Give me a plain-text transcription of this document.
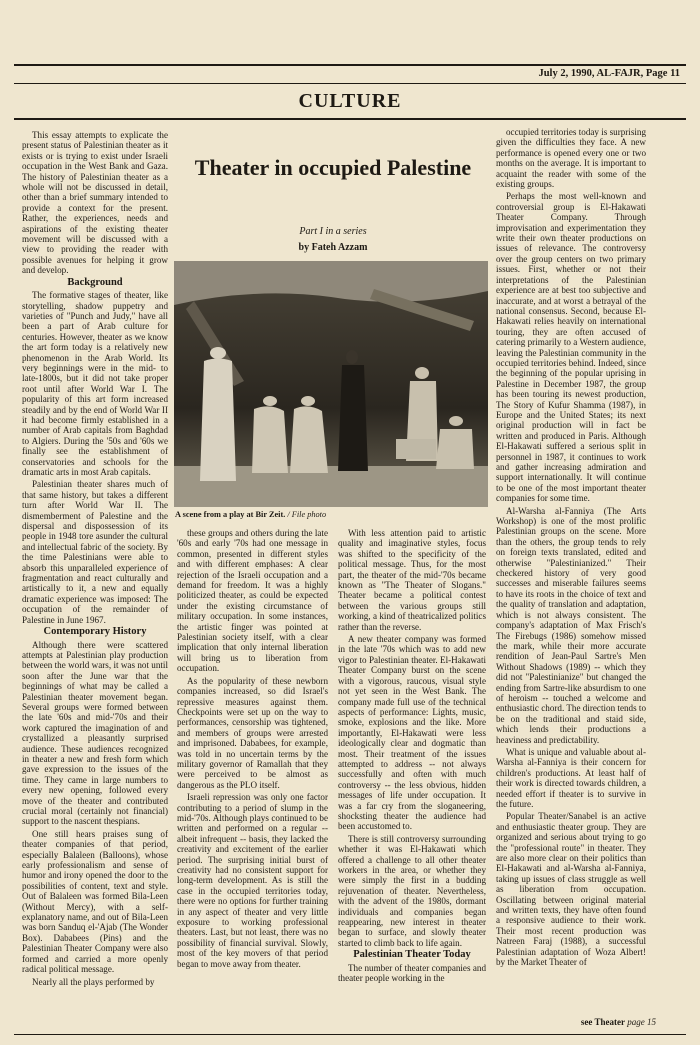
July 2, 1990, AL-FAJR, Page 11
CULTURE

This essay attempts to explicate the present status of Palestinian theater as it exists or is trying to exist under Israeli occupation in the West Bank and Gaza. The history of Palestinian theater as a whole will not be discussed in detail, other than a brief summary intended to provide a context for the present. Rather, the experiences, needs and aspirations of the existing theater movement will be discussed with a view to providing the reader with possible avenues for helping it grow and develop.

Background

The formative stages of theater, like storytelling, shadow puppetry and varieties of "Punch and Judy," have all been a part of Arab culture for centuries. However, theater as we know the art form today is a relatively new phenomenon in the Arab World. Its very beginnings were in the mid- to late-1800s, but it did not take proper root until after World War I. The popularity of this art form increased steadily and by the end of World War II it had become firmly established in a number of Arab capitals from Baghdad to Algiers. During the '50s and '60s we finally see the establishment of conservatories and schools for the dramatic arts in most Arab capitals.

Palestinian theater shares much of that same history, but takes a different turn after World War II. The dismemberment of Palestine and the dispersal and dispossession of its people in 1948 tore asunder the cultural and intellectual fabric of the society. By the time Palestinians were able to absorb this unparalleled experience of fragmentation and react culturally and artistically to it, a new and equally dramatic experience was imposed: The occupation of the remainder of Palestine in June 1967.

Contemporary History

Although there were scattered attempts at Palestinian play production between the world wars, it was not until soon after the June war that the beginnings of what may be called a Palestinian theater movement began. Several groups were formed between the late '60s and mid-'70s and their work captured the imagination of and crystallized a pleasantly surprised audience. These audiences recognized in theater a new and fresh form which gave expression to the issues of the time. They came in large numbers to every new opening, followed every move of the theater and contributed crucial moral (certainly not financial) support to the nascent thespians.

One still hears praises sung of theater companies of that period, especially Balaleen (Balloons), whose early professionalism and sense of humor and irony opened the door to the possibilities of content, text and style. Out of Balaleen was formed Bila-Leen (Without Mercy), with a self-explanatory name, and out of Bila-Leen was born Sanduq el-'Ajab (The Wonder Box). Dababees (Pins) and the Palestinian Theater Company were also formed and carried a more openly radical political message.

Nearly all the plays performed by

Theater in occupied Palestine
Part I in a series
by Fateh Azzam
A scene from a play at Bir Zeit. / File photo

these groups and others during the late '60s and early '70s had one message in common, presented in different styles and with different emphases: A clear rejection of the Israeli occupation and a demand for freedom. It was a highly politicized theater, as could be expected under the existing circumstance of military occupation. In some instances, the artistic finger was pointed at Palestinian society itself, with a clear implication that only internal liberation will bring us to liberation from occupation.

As the popularity of these newborn companies increased, so did Israel's repressive measures against them. Checkpoints were set up on the way to performances, censorship was tightened, and members of groups were arrested and imprisoned. Dababees, for example, was told in no uncertain terms by the military governor of Ramallah that they were perceived to be almost as dangerous as the PLO itself.

Israeli repression was only one factor contributing to a period of slump in the mid-'70s. Although plays continued to be written and performed on a regular -- albeit infrequent -- basis, they lacked the creativity and excitement of the earlier period. The surprising initial burst of creativity had no consistent support for long-term development. As is still the case in the occupied territories today, there were no options for further training in any aspect of theater and very little exposure to working professional theaters. Last, but not least, there was no possibility of financial survival. Slowly, most of the key movers of that period began to move away from theater.

With less attention paid to artistic quality and imaginative styles, focus was shifted to the specificity of the political message. Thus, for the most part, the theater of the mid-'70s became known as "The Theater of Slogans." Theater became a political contest between the various groups still working, a kind of theatricalized politics rather than the reverse.

A new theater company was formed in the late '70s which was to add new vigor to Palestinian theater. El-Hakawati Theater Company burst on the scene with a vigorous, raucous, visual style not yet seen in the West Bank. The company made full use of the technical aspects of performance: Lights, music, smoke, explosions and the like. More importantly, El-Hakawati were less ideologically clear and dogmatic than most. Their treatment of the issues attempted to address -- not always successfully and often with much controversy -- the less obvious, hidden messages of life under occupation. It was a far cry from the sloganeering, shocksting theater the audience had been accustomed to.

There is still controversy surrounding whether it was El-Hakawati which offered a challenge to all other theater workers in the area, or whether they were simply the first in a budding rejuvenation of theater. Nevertheless, with the advent of the 1980s, dormant individuals and companies began reappearing, new interest in theater began to surface, and slowly theater started to climb back to life again.

Palestinian Theater Today

The number of theater companies and theater people working in the

occupied territories today is surprising given the difficulties they face. A new performance is opened every one or two months on the average. It is important to acquaint the reader with some of the existing groups.

Perhaps the most well-known and controversial group is El-Hakawati Theater Company. Through improvisation and experimentation they write their own theater productions on issues of relevance. The controversy over the group centers on two primary issues. First, whether or not their interpretations of the Palestinian experience are at best too subjective and inaccurate, and at worst a betrayal of the national consensus. Second, because El-Hakawati relies heavily on international touring, they are often accused of catering primarily to a Western audience, leaving the Palestinian community in the occupied territories behind. Indeed, since the beginning of the popular uprising in Palestine in December 1987, the group has been touring its newest production, The Story of Kufur Shamma (1987), in Europe and the United States; its next original production will in fact be written and produced in Paris. Although El-Hakawati suffered a serious split in personnel in 1987, it continues to work and gather increasing admiration and support internationally. It will continue to be one of the most important theater companies for some time.

Al-Warsha al-Fanniya (The Arts Workshop) is one of the most prolific Palestinian groups on the scene. More than the others, the group tends to rely on foreign texts translated, edited and otherwise "Palestinianized." Their checkered history of very good successes and miserable failures seems to have its roots in the choice of text and the quality of translation and adaptation, which is not always consistent. The company's adaptation of Max Frisch's The Firebugs (1986) somehow missed the mark, while their more accurate rendition of Jean-Paul Sartre's Men Without Shadows (1989) -- which they did not "Palestinianize" but changed the ending from Sartre-like absurdism to one of heroism -- touched a welcome and enthusiastic chord. The direction tends to be on the traditional and staid side, which lends their productions a heaviness and predictability.

What is unique and valuable about al-Warsha al-Fanniya is their concern for children's productions. At least half of their work is directed towards children, a needed effort if theater is to survive in the future.

Popular Theater/Sanabel is an active and enthusiastic theater group. They are organized and serious about trying to go the "professional route" in theater. They are also more clear on their politics than El-Hakawati and al-Warsha al-Fanniya, taking up issues of class struggle as well as liberation from occupation. Oscillating between original material and written texts, they have often found a responsive audience to their work. Their most recent production was Natreen Faraj (1988), a successful Palestinian adaptation of Woza Albert! by the Market Theater of

see Theater page 15
